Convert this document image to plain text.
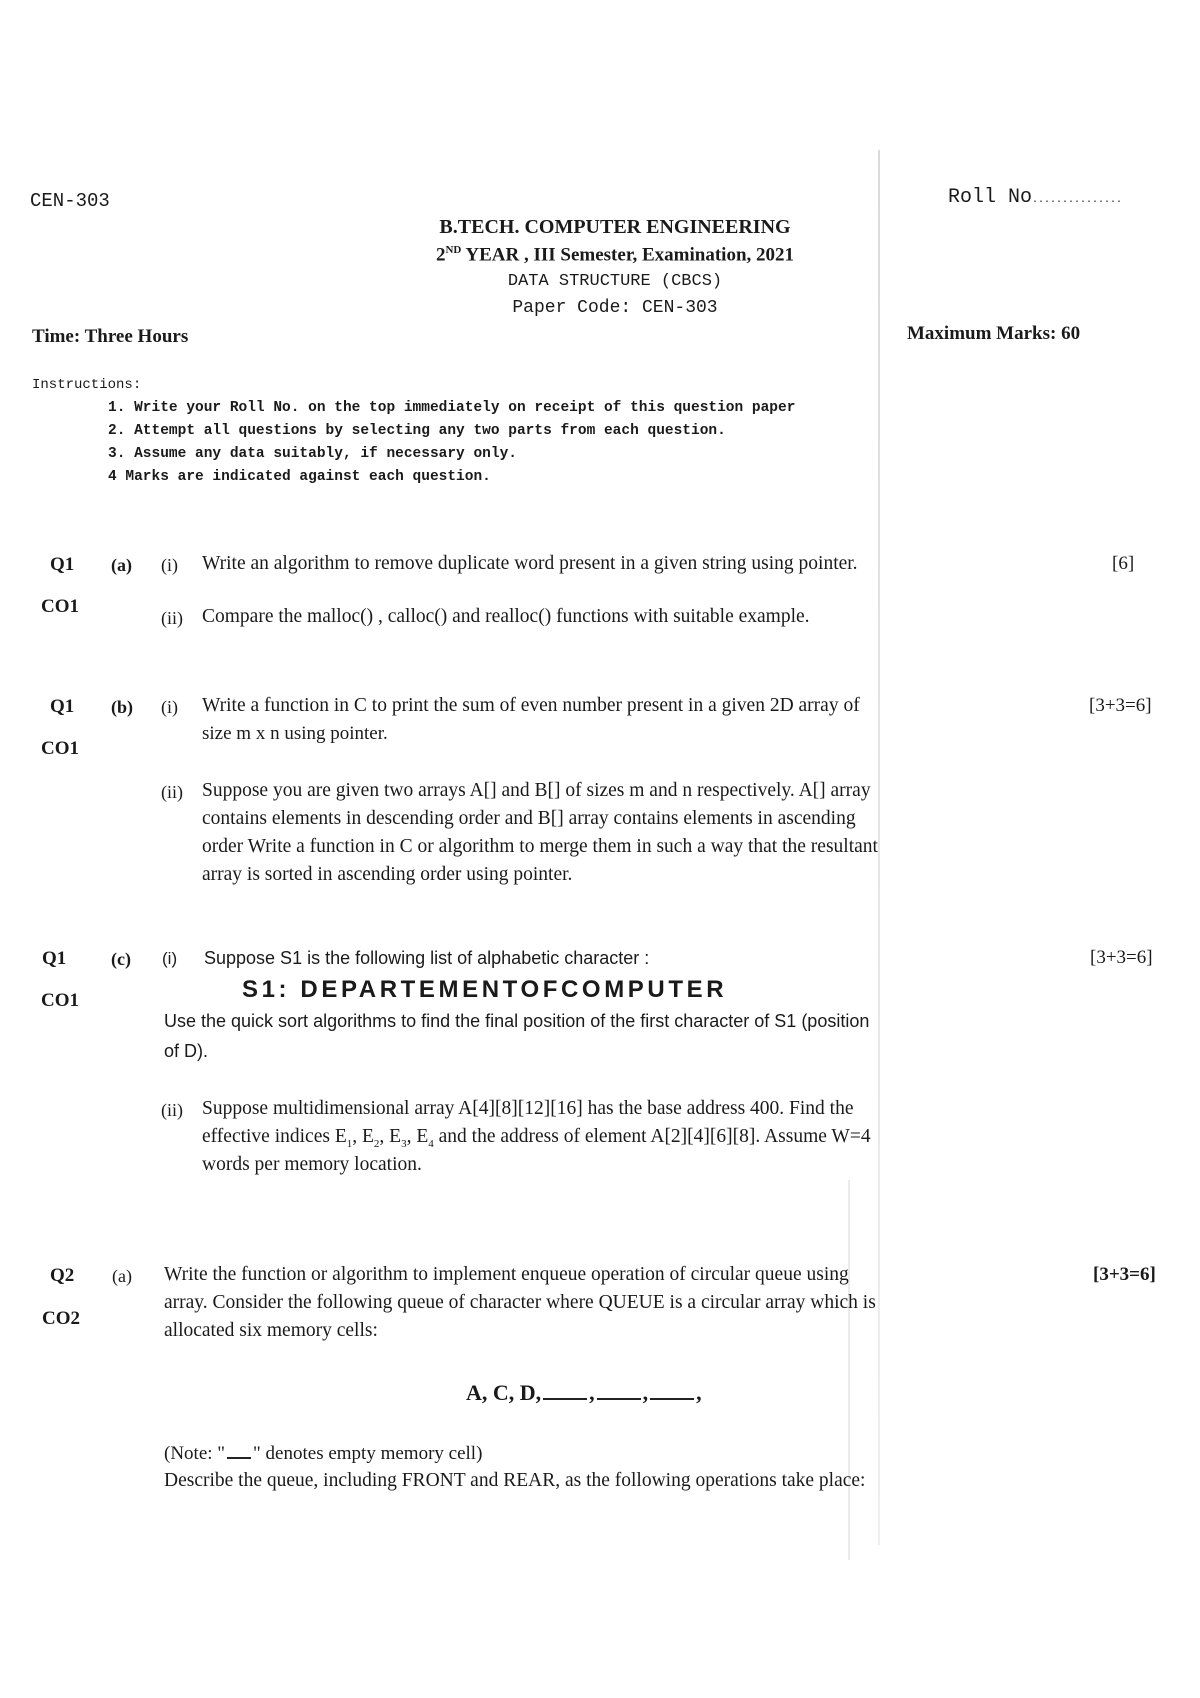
CEN-303	Roll No...............
B.TECH. COMPUTER ENGINEERING
2ND YEAR , III Semester, Examination, 2021
DATA STRUCTURE (CBCS)
Paper Code: CEN-303
Time: Three Hours	Maximum Marks: 60
Instructions:
1. Write your Roll No. on the top immediately on receipt of this question paper
2. Attempt all questions by selecting any two parts from each question.
3. Assume any data suitably, if necessary only.
4 Marks are indicated against each question.
Q1
CO1
(a) (i) Write an algorithm to remove duplicate word present in a given string using pointer.	[6]
(ii) Compare the malloc() , calloc() and realloc() functions with suitable example.
Q1
CO1
(b) (i) Write a function in C to print the sum of even number present in a given 2D array of
size m x n using pointer.
[3+3=6]
(ii) Suppose you are given two arrays A[] and B[] of sizes m and n respectively. A[] array
contains elements in descending order and B[] array contains elements in ascending
order Write a function in C or algorithm to merge them in such a way that the resultant
array is sorted in ascending order using pointer.
Q1
CO1
(c) (i) Suppose S1 is the following list of alphabetic character :	[3+3=6]
S1: DEPARTEMENTOFCOMPUTER
Use the quick sort algorithms to find the final position of the first character of S1 (position
of D).
(ii) Suppose multidimensional array A[4][8][12][16] has the base address 400. Find the
effective indices $E_1$, $E_2$, $E_3$, $E_4$ and the address of element A[2][4][6][8]. Assume W=4
words per memory location.
Q2
CO2
(a) Write the function or algorithm to implement enqueue operation of circular queue using
array. Consider the following queue of character where QUEUE is a circular array which is
allocated six memory cells:
[3+3=6]
A, C, D, , , ,
(Note: " " denotes empty memory cell)
Describe the queue, including FRONT and REAR, as the following operations take place:
